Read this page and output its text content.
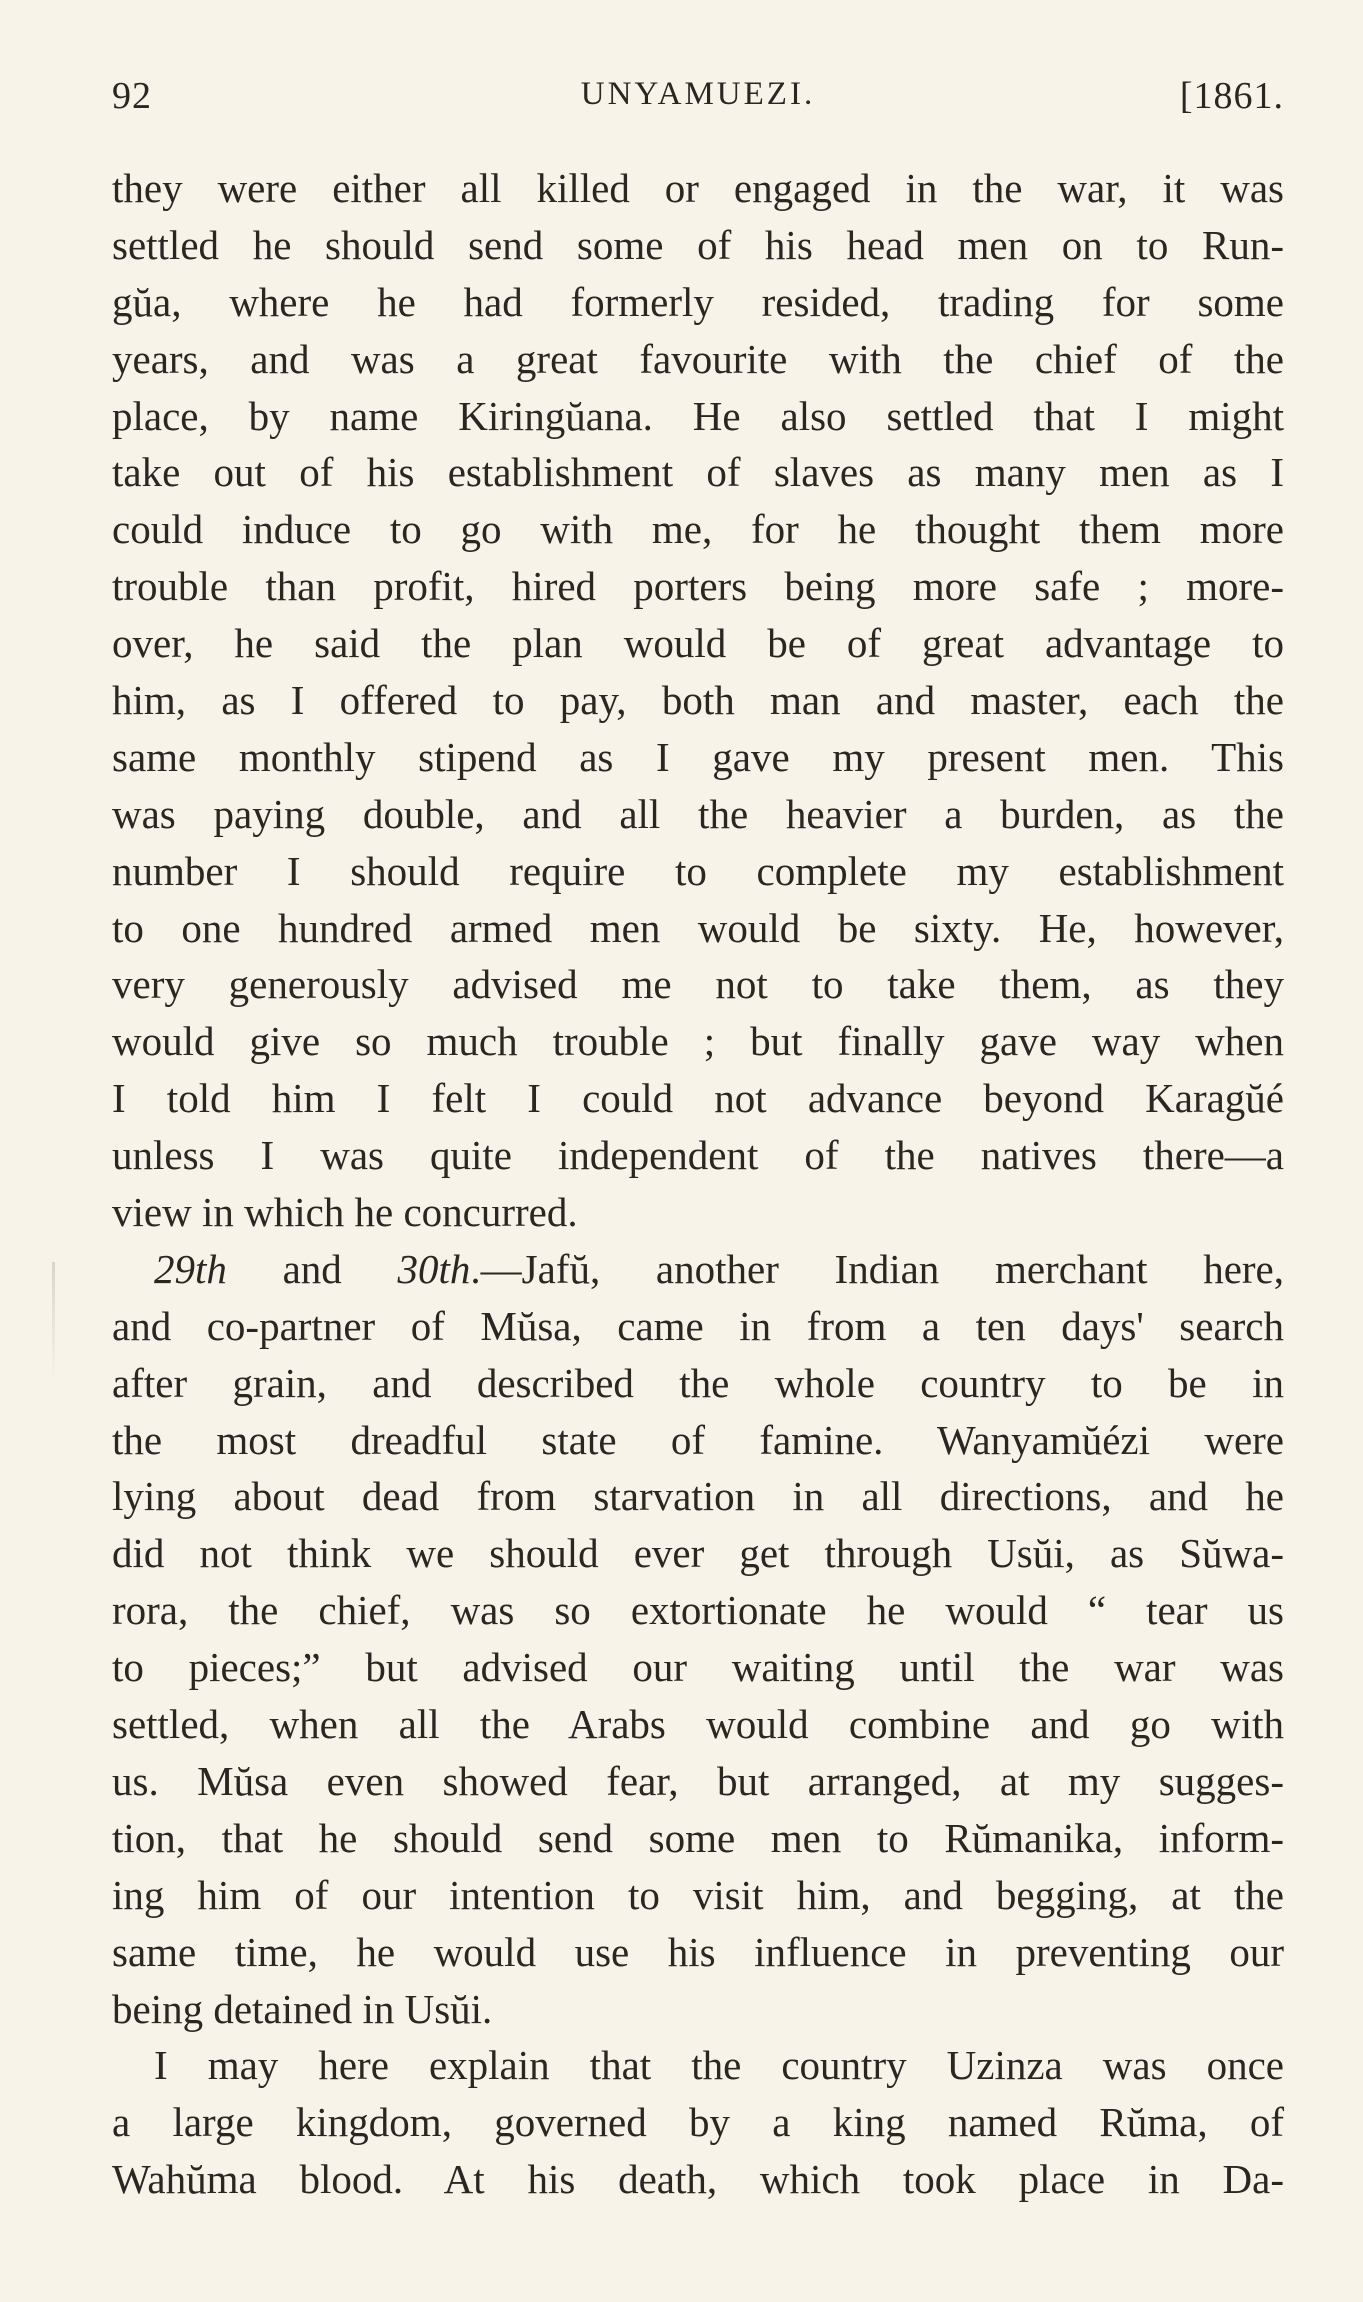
92	UNYAMUEZI.	[1861.
they were either all killed or engaged in the war, it was
settled he should send some of his head men on to Run-
gŭa, where he had formerly resided, trading for some
years, and was a great favourite with the chief of the
place, by name Kiringŭana. He also settled that I might
take out of his establishment of slaves as many men as I
could induce to go with me, for he thought them more
trouble than profit, hired porters being more safe ; more-
over, he said the plan would be of great advantage to
him, as I offered to pay, both man and master, each the
same monthly stipend as I gave my present men. This
was paying double, and all the heavier a burden, as the
number I should require to complete my establishment
to one hundred armed men would be sixty. He, however,
very generously advised me not to take them, as they
would give so much trouble ; but finally gave way when
I told him I felt I could not advance beyond Karagŭé
unless I was quite independent of the natives there—a
view in which he concurred.
29th and 30th.—Jafŭ, another Indian merchant here,
and co-partner of Mŭsa, came in from a ten days' search
after grain, and described the whole country to be in
the most dreadful state of famine. Wanyamŭézi were
lying about dead from starvation in all directions, and he
did not think we should ever get through Usŭi, as Sŭwa-
rora, the chief, was so extortionate he would “ tear us
to pieces;” but advised our waiting until the war was
settled, when all the Arabs would combine and go with
us. Mŭsa even showed fear, but arranged, at my sugges-
tion, that he should send some men to Rŭmanika, inform-
ing him of our intention to visit him, and begging, at the
same time, he would use his influence in preventing our
being detained in Usŭi.
I may here explain that the country Uzinza was once
a large kingdom, governed by a king named Rŭma, of
Wahŭma blood. At his death, which took place in Da-
